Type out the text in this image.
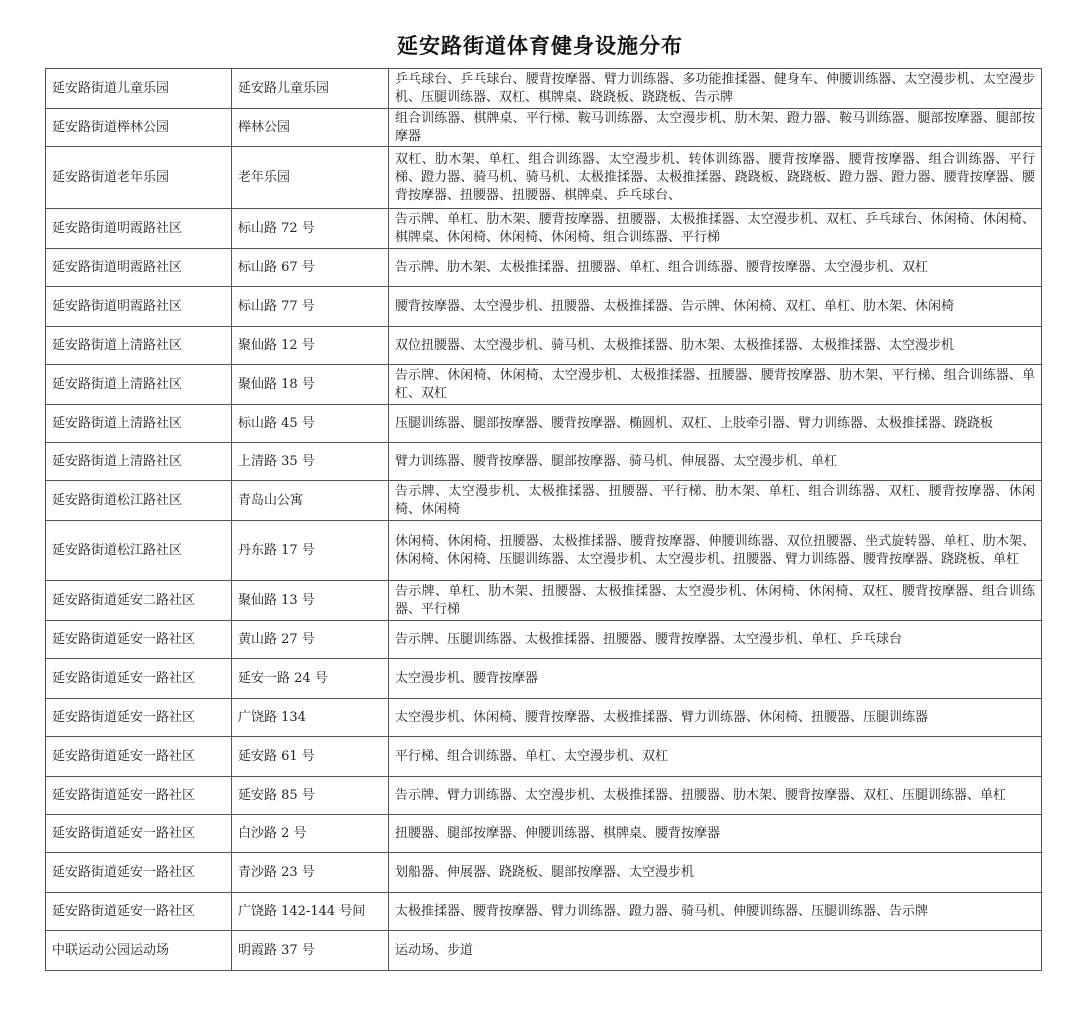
延安路街道体育健身设施分布
延安路街道儿童乐园	延安路儿童乐园	乒乓球台、乒乓球台、腰背按摩器、臂力训练器、多功能推揉器、健身车、伸腰训练器、太空漫步机、太空漫步机、压腿训练器、双杠、棋牌桌、跷跷板、跷跷板、告示牌
延安路街道榉林公园	榉林公园	组合训练器、棋牌桌、平行梯、鞍马训练器、太空漫步机、肋木架、蹬力器、鞍马训练器、腿部按摩器、腿部按摩器
延安路街道老年乐园	老年乐园	双杠、肋木架、单杠、组合训练器、太空漫步机、转体训练器、腰背按摩器、腰背按摩器、组合训练器、平行梯、蹬力器、骑马机、骑马机、太极推揉器、太极推揉器、跷跷板、跷跷板、蹬力器、蹬力器、腰背按摩器、腰背按摩器、扭腰器、扭腰器、棋牌桌、乒乓球台、
延安路街道明霞路社区	标山路 72 号	告示牌、单杠、肋木架、腰背按摩器、扭腰器、太极推揉器、太空漫步机、双杠、乒乓球台、休闲椅、休闲椅、棋牌桌、休闲椅、休闲椅、休闲椅、组合训练器、平行梯
延安路街道明霞路社区	标山路 67 号	告示牌、肋木架、太极推揉器、扭腰器、单杠、组合训练器、腰背按摩器、太空漫步机、双杠
延安路街道明霞路社区	标山路 77 号	腰背按摩器、太空漫步机、扭腰器、太极推揉器、告示牌、休闲椅、双杠、单杠、肋木架、休闲椅
延安路街道上清路社区	聚仙路 12 号	双位扭腰器、太空漫步机、骑马机、太极推揉器、肋木架、太极推揉器、太极推揉器、太空漫步机
延安路街道上清路社区	聚仙路 18 号	告示牌、休闲椅、休闲椅、太空漫步机、太极推揉器、扭腰器、腰背按摩器、肋木架、平行梯、组合训练器、单杠、双杠
延安路街道上清路社区	标山路 45 号	压腿训练器、腿部按摩器、腰背按摩器、椭圆机、双杠、上肢牵引器、臂力训练器、太极推揉器、跷跷板
延安路街道上清路社区	上清路 35 号	臂力训练器、腰背按摩器、腿部按摩器、骑马机、伸展器、太空漫步机、单杠
延安路街道松江路社区	青岛山公寓	告示牌、太空漫步机、太极推揉器、扭腰器、平行梯、肋木架、单杠、组合训练器、双杠、腰背按摩器、休闲椅、休闲椅
延安路街道松江路社区	丹东路 17 号	休闲椅、休闲椅、扭腰器、太极推揉器、腰背按摩器、伸腰训练器、双位扭腰器、坐式旋转器、单杠、肋木架、休闲椅、休闲椅、压腿训练器、太空漫步机、太空漫步机、扭腰器、臂力训练器、腰背按摩器、跷跷板、单杠
延安路街道延安二路社区	聚仙路 13 号	告示牌、单杠、肋木架、扭腰器、太极推揉器、太空漫步机、休闲椅、休闲椅、双杠、腰背按摩器、组合训练器、平行梯
延安路街道延安一路社区	黄山路 27 号	告示牌、压腿训练器、太极推揉器、扭腰器、腰背按摩器、太空漫步机、单杠、乒乓球台
延安路街道延安一路社区	延安一路 24 号	太空漫步机、腰背按摩器
延安路街道延安一路社区	广饶路 134	太空漫步机、休闲椅、腰背按摩器、太极推揉器、臂力训练器、休闲椅、扭腰器、压腿训练器
延安路街道延安一路社区	延安路 61 号	平行梯、组合训练器、单杠、太空漫步机、双杠
延安路街道延安一路社区	延安路 85 号	告示牌、臂力训练器、太空漫步机、太极推揉器、扭腰器、肋木架、腰背按摩器、双杠、压腿训练器、单杠
延安路街道延安一路社区	白沙路 2 号	扭腰器、腿部按摩器、伸腰训练器、棋牌桌、腰背按摩器
延安路街道延安一路社区	青沙路 23 号	划船器、伸展器、跷跷板、腿部按摩器、太空漫步机
延安路街道延安一路社区	广饶路 142-144 号间	太极推揉器、腰背按摩器、臂力训练器、蹬力器、骑马机、伸腰训练器、压腿训练器、告示牌
中联运动公园运动场	明霞路 37 号	运动场、步道
